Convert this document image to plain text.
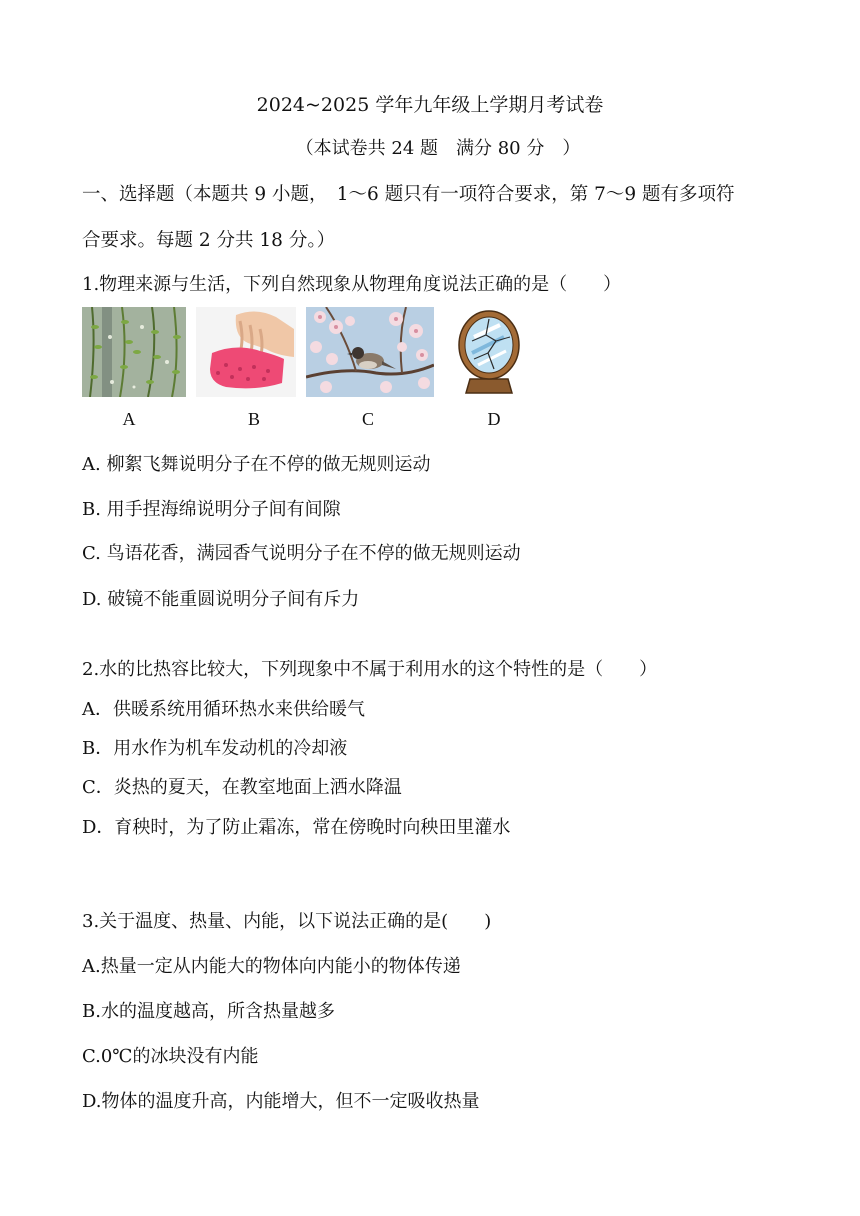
2024~2025 学年九年级上学期月考试卷
（本试卷共 24 题　满分 80 分　）
一、选择题（本题共 9 小题，　1～6 题只有一项符合要求，第 7～9 题有多项符
合要求。每题 2 分共 18 分。）
1.物理来源与生活，下列自然现象从物理角度说法正确的是（　　）
A	B	C	D
A. 柳絮飞舞说明分子在不停的做无规则运动
B. 用手捏海绵说明分子间有间隙
C. 鸟语花香，满园香气说明分子在不停的做无规则运动
D. 破镜不能重圆说明分子间有斥力
2.水的比热容比较大，下列现象中不属于利用水的这个特性的是（　　）
A．供暖系统用循环热水来供给暖气
B．用水作为机车发动机的冷却液
C．炎热的夏天，在教室地面上洒水降温
D．育秧时，为了防止霜冻，常在傍晚时向秧田里灌水
3.关于温度、热量、内能，以下说法正确的是(　　)
A.热量一定从内能大的物体向内能小的物体传递
B.水的温度越高，所含热量越多
C.0℃的冰块没有内能
D.物体的温度升高，内能增大，但不一定吸收热量
